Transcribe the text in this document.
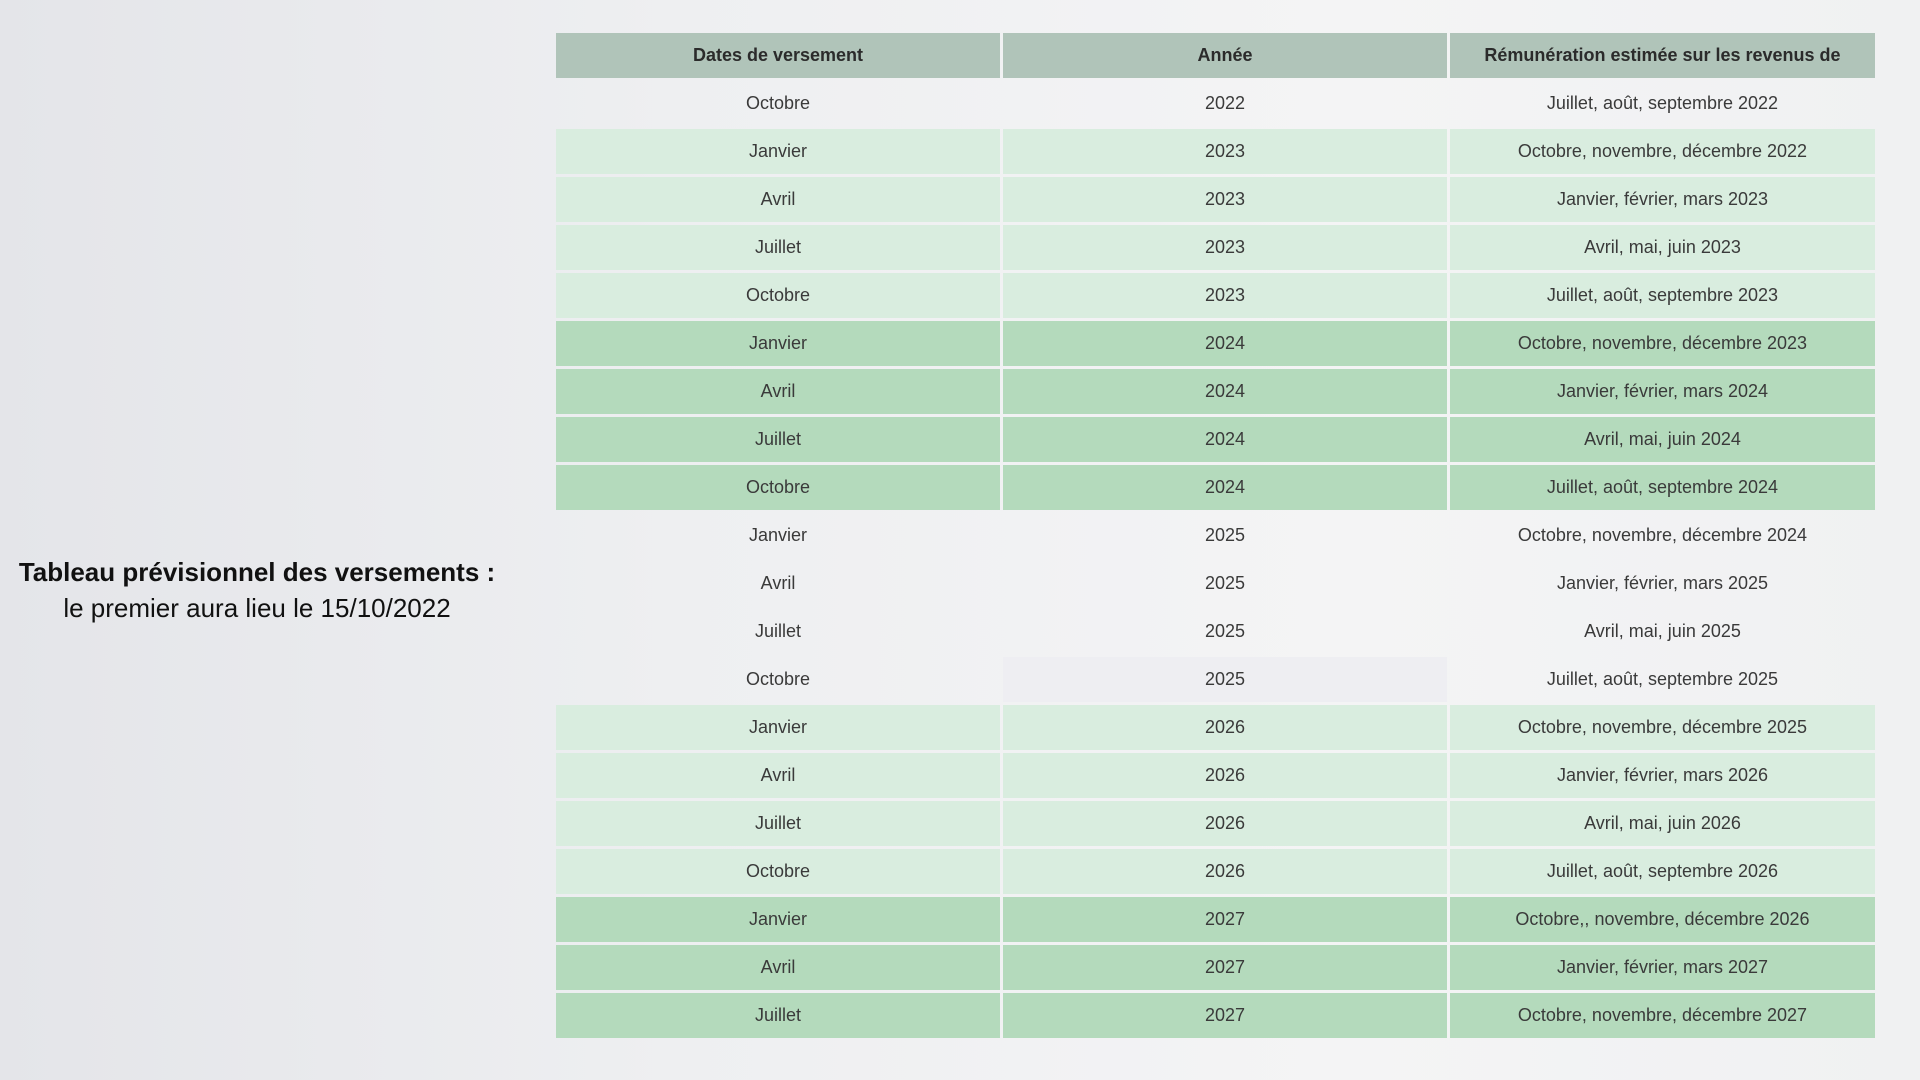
Tableau prévisionnel des versements :
le premier aura lieu le 15/10/2022
Dates de versement	Année	Rémunération estimée sur les revenus de
Octobre	2022	Juillet, août, septembre 2022
Janvier	2023	Octobre, novembre, décembre 2022
Avril	2023	Janvier, février, mars 2023
Juillet	2023	Avril, mai, juin 2023
Octobre	2023	Juillet, août, septembre 2023
Janvier	2024	Octobre, novembre, décembre 2023
Avril	2024	Janvier, février, mars 2024
Juillet	2024	Avril, mai, juin 2024
Octobre	2024	Juillet, août, septembre 2024
Janvier	2025	Octobre, novembre, décembre 2024
Avril	2025	Janvier, février, mars 2025
Juillet	2025	Avril, mai, juin 2025
Octobre	2025	Juillet, août, septembre 2025
Janvier	2026	Octobre, novembre, décembre 2025
Avril	2026	Janvier, février, mars 2026
Juillet	2026	Avril, mai, juin 2026
Octobre	2026	Juillet, août, septembre 2026
Janvier	2027	Octobre,, novembre, décembre 2026
Avril	2027	Janvier, février, mars 2027
Juillet	2027	Octobre, novembre, décembre 2027
